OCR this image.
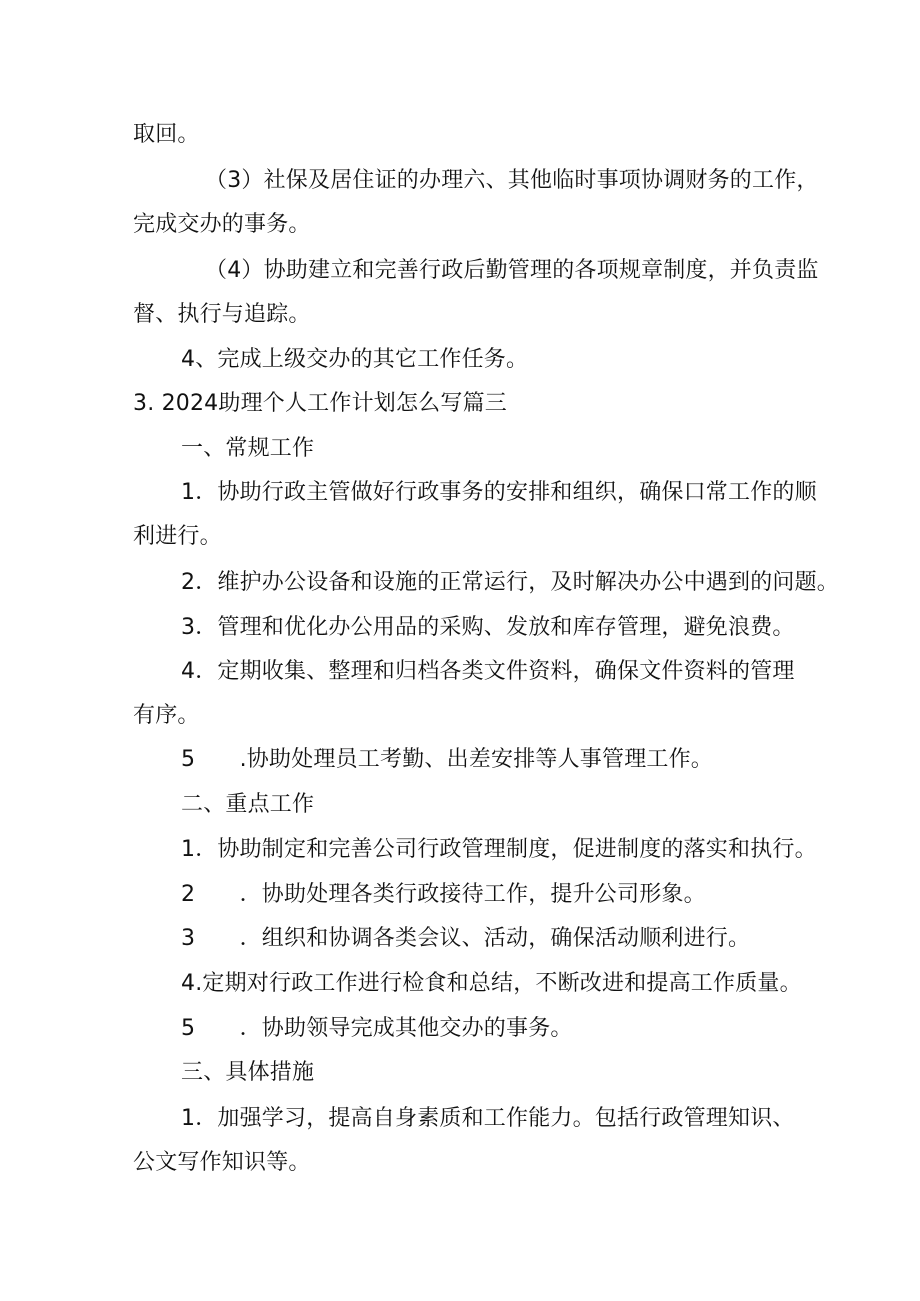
取回。

（3）社保及居住证的办理六、其他临时事项协调财务的工作，

完成交办的事务。

（4）协助建立和完善行政后勤管理的各项规章制度，并负责监

督、执行与追踪。

4、完成上级交办的其它工作任务。

3. 2024助理个人工作计划怎么写篇三

一、常规工作

1．协助行政主管做好行政事务的安排和组织，确保口常工作的顺

利进行。

2．维护办公设备和设施的正常运行，及时解决办公中遇到的问题。

3．管理和优化办公用品的采购、发放和库存管理，避免浪费。

4．定期收集、整理和归档各类文件资料，确保文件资料的管理

有序。

5　　.协助处理员工考勤、出差安排等人事管理工作。

二、重点工作

1．协助制定和完善公司行政管理制度，促进制度的落实和执行。

2　　．协助处理各类行政接待工作，提升公司形象。

3　　．组织和协调各类会议、活动，确保活动顺利进行。

4.定期对行政工作进行检食和总结，不断改进和提高工作质量。

5　　．协助领导完成其他交办的事务。

三、具体措施

1．加强学习，提高自身素质和工作能力。包括行政管理知识、

公文写作知识等。
